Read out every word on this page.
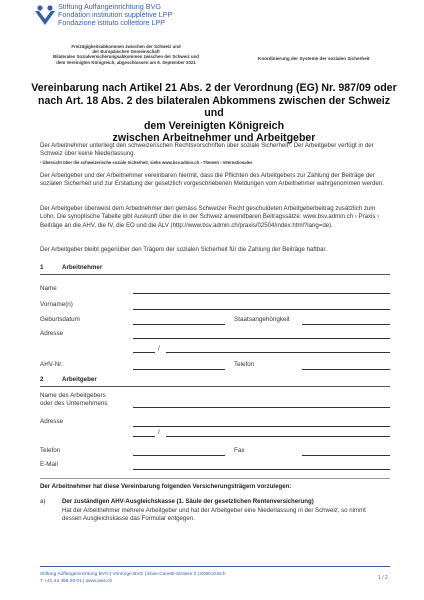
Stiftung Auffangeinrichtung BVG
Fondation institution supplétive LPP
Fondazione istituto collettore LPP
Freizügigkeitsabkommen zwischen der Schweiz und
der Europäischen Gemeinschaft
Bilaterales Sozialversicherungsabkommen zwischen der Schweiz und
dem Vereinigten Königreich, abgeschlossen am 9. September 2021
Koordinierung der Systeme der sozialen Sicherheit
Vereinbarung nach Artikel 21 Abs. 2 der Verordnung (EG) Nr. 987/09 oder
nach Art. 18 Abs. 2 des bilateralen Abkommens zwischen der Schweiz und
dem Vereinigten Königreich
zwischen Arbeitnehmer und Arbeitgeber
Der Arbeitnehmer unterliegt den schweizerischen Rechtsvorschriften über soziale Sicherheit¹. Der Arbeitgeber verfügt in der Schweiz über keine Niederlassung.
¹ Übersicht über die schweizerische soziale Sicherheit, siehe www.bsv.admin.ch › Themen › Internationales
Der Arbeitgeber und der Arbeitnehmer vereinbaren hiermit, dass die Pflichten des Arbeitgebers zur Zahlung der Beiträge der sozialen Sicherheit und zur Erstattung der gesetzlich vorgeschriebenen Meldungen vom Arbeitnehmer wahrgenommen werden.
Der Arbeitgeber überweist dem Arbeitnehmer den gemäss Schweizer Recht geschuldeten Arbeitgeberbeitrag zusätzlich zum Lohn. Die synoptische Tabelle gibt Auskunft über die in der Schweiz anwendbaren Beitragssätze: www.bsv.admin.ch › Praxis › Beiträge an die AHV, die IV, die EO und die ALV (http://www.bsv.admin.ch/praxis/02504/index.html?lang=de).
Der Arbeitgeber bleibt gegenüber den Trägern der sozialen Sicherheit für die Zahlung der Beiträge haftbar.
1	Arbeitnehmer
Name
Vorname(n)
Geburtsdatum	Staatsangehörigkeit
Adresse
/
AHV-Nr.	Telefon
2	Arbeitgeber
Name des Arbeitgebers
oder des Unternehmens
Adresse
/
Telefon	Fax
E-Mail
Der Arbeitnehmer hat diese Vereinbarung folgenden Versicherungsträgern vorzulegen:
a)	Der zuständigen AHV-Ausgleichskasse (1. Säule der gesetzlichen Rentenversicherung)
Hat der Arbeitnehmer mehrere Arbeitgeber und hat der Arbeitgeber eine Niederlassung in der Schweiz, so nimmt dessen Ausgleichskasse das Formular entgegen.
Stiftung Auffangeinrichtung BVG | Vorsorge BVG | Elias-Canetti-Strasse 2 | 8050 Zürich
T +41 44 468 29 01 | www.aeis.ch
1 / 2
